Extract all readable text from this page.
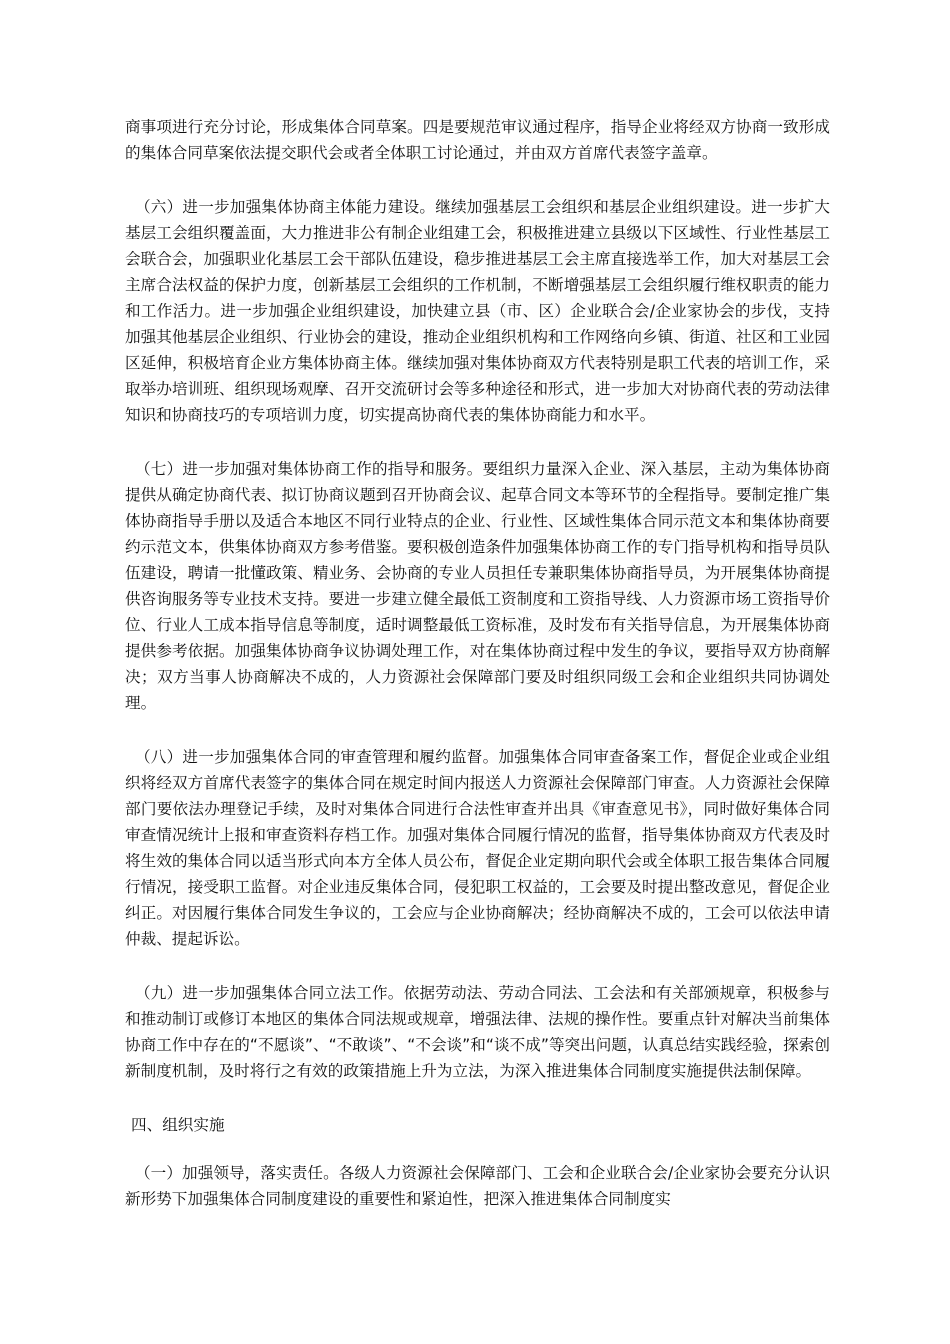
商事项进行充分讨论，形成集体合同草案。四是要规范审议通过程序，指导企业将经双方协商一致形成的集体合同草案依法提交职代会或者全体职工讨论通过，并由双方首席代表签字盖章。

（六）进一步加强集体协商主体能力建设。继续加强基层工会组织和基层企业组织建设。进一步扩大基层工会组织覆盖面，大力推进非公有制企业组建工会，积极推进建立县级以下区域性、行业性基层工会联合会，加强职业化基层工会干部队伍建设，稳步推进基层工会主席直接选举工作，加大对基层工会主席合法权益的保护力度，创新基层工会组织的工作机制，不断增强基层工会组织履行维权职责的能力和工作活力。进一步加强企业组织建设，加快建立县（市、区）企业联合会/企业家协会的步伐，支持加强其他基层企业组织、行业协会的建设，推动企业组织机构和工作网络向乡镇、街道、社区和工业园区延伸，积极培育企业方集体协商主体。继续加强对集体协商双方代表特别是职工代表的培训工作，采取举办培训班、组织现场观摩、召开交流研讨会等多种途径和形式，进一步加大对协商代表的劳动法律知识和协商技巧的专项培训力度，切实提高协商代表的集体协商能力和水平。

（七）进一步加强对集体协商工作的指导和服务。要组织力量深入企业、深入基层，主动为集体协商提供从确定协商代表、拟订协商议题到召开协商会议、起草合同文本等环节的全程指导。要制定推广集体协商指导手册以及适合本地区不同行业特点的企业、行业性、区域性集体合同示范文本和集体协商要约示范文本，供集体协商双方参考借鉴。要积极创造条件加强集体协商工作的专门指导机构和指导员队伍建设，聘请一批懂政策、精业务、会协商的专业人员担任专兼职集体协商指导员，为开展集体协商提供咨询服务等专业技术支持。要进一步建立健全最低工资制度和工资指导线、人力资源市场工资指导价位、行业人工成本指导信息等制度，适时调整最低工资标准，及时发布有关指导信息，为开展集体协商提供参考依据。加强集体协商争议协调处理工作，对在集体协商过程中发生的争议，要指导双方协商解决；双方当事人协商解决不成的，人力资源社会保障部门要及时组织同级工会和企业组织共同协调处理。

（八）进一步加强集体合同的审查管理和履约监督。加强集体合同审查备案工作，督促企业或企业组织将经双方首席代表签字的集体合同在规定时间内报送人力资源社会保障部门审查。人力资源社会保障部门要依法办理登记手续，及时对集体合同进行合法性审查并出具《审查意见书》，同时做好集体合同审查情况统计上报和审查资料存档工作。加强对集体合同履行情况的监督，指导集体协商双方代表及时将生效的集体合同以适当形式向本方全体人员公布，督促企业定期向职代会或全体职工报告集体合同履行情况，接受职工监督。对企业违反集体合同，侵犯职工权益的，工会要及时提出整改意见，督促企业纠正。对因履行集体合同发生争议的，工会应与企业协商解决；经协商解决不成的，工会可以依法申请仲裁、提起诉讼。

（九）进一步加强集体合同立法工作。依据劳动法、劳动合同法、工会法和有关部颁规章，积极参与和推动制订或修订本地区的集体合同法规或规章，增强法律、法规的操作性。要重点针对解决当前集体协商工作中存在的“不愿谈”、“不敢谈”、“不会谈”和“谈不成”等突出问题，认真总结实践经验，探索创新制度机制，及时将行之有效的政策措施上升为立法，为深入推进集体合同制度实施提供法制保障。

四、组织实施

（一）加强领导，落实责任。各级人力资源社会保障部门、工会和企业联合会/企业家协会要充分认识新形势下加强集体合同制度建设的重要性和紧迫性，把深入推进集体合同制度实
